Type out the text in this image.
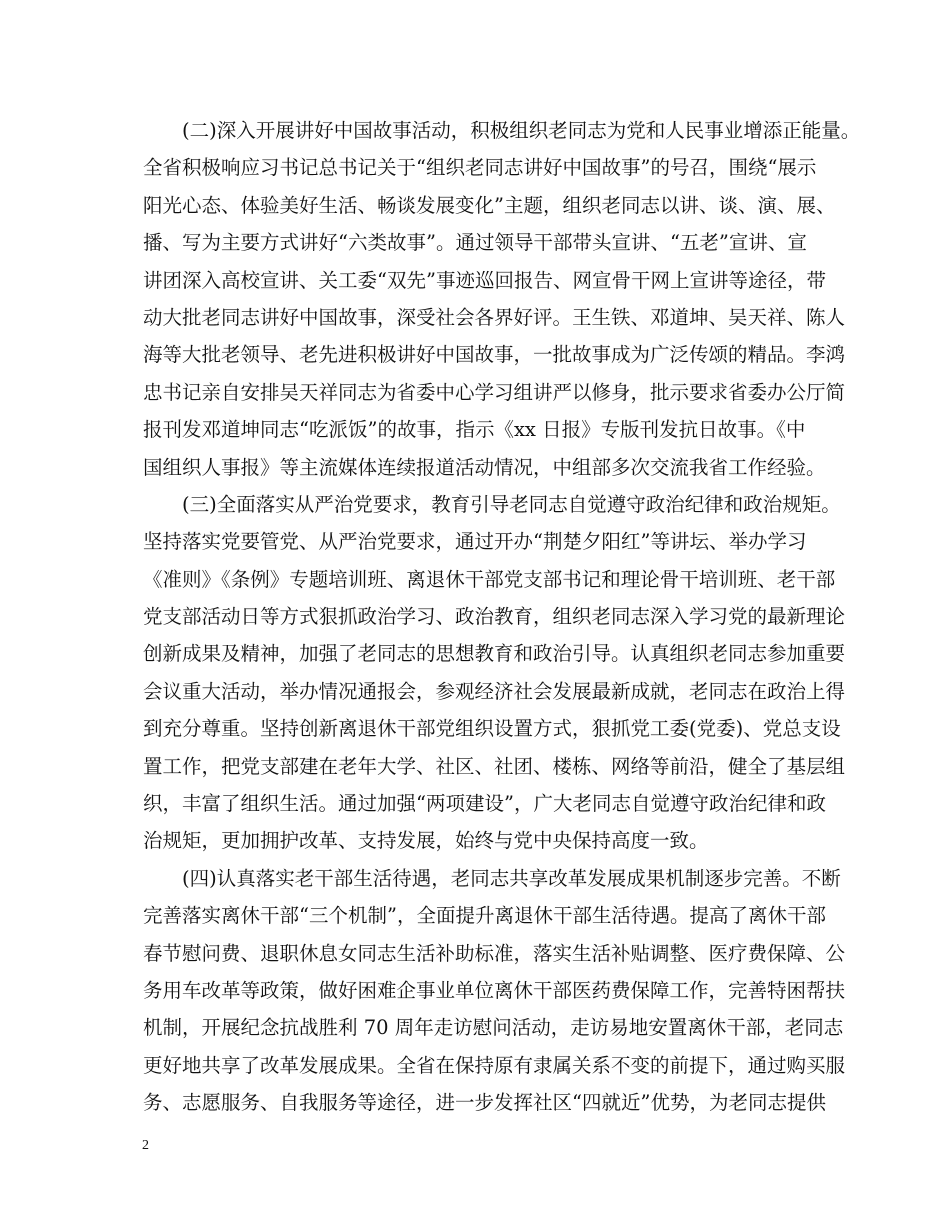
(二)深入开展讲好中国故事活动，积极组织老同志为党和人民事业增添正能量。
全省积极响应习书记总书记关于“组织老同志讲好中国故事”的号召，围绕“展示
阳光心态、体验美好生活、畅谈发展变化”主题，组织老同志以讲、谈、演、展、
播、写为主要方式讲好“六类故事”。通过领导干部带头宣讲、“五老”宣讲、宣
讲团深入高校宣讲、关工委“双先”事迹巡回报告、网宣骨干网上宣讲等途径，带
动大批老同志讲好中国故事，深受社会各界好评。王生铁、邓道坤、吴天祥、陈人
海等大批老领导、老先进积极讲好中国故事，一批故事成为广泛传颂的精品。李鸿
忠书记亲自安排吴天祥同志为省委中心学习组讲严以修身，批示要求省委办公厅简
报刊发邓道坤同志“吃派饭”的故事，指示《xx 日报》专版刊发抗日故事。《中
国组织人事报》等主流媒体连续报道活动情况，中组部多次交流我省工作经验。
(三)全面落实从严治党要求，教育引导老同志自觉遵守政治纪律和政治规矩。
坚持落实党要管党、从严治党要求，通过开办“荆楚夕阳红”等讲坛、举办学习
《准则》《条例》专题培训班、离退休干部党支部书记和理论骨干培训班、老干部
党支部活动日等方式狠抓政治学习、政治教育，组织老同志深入学习党的最新理论
创新成果及精神，加强了老同志的思想教育和政治引导。认真组织老同志参加重要
会议重大活动，举办情况通报会，参观经济社会发展最新成就，老同志在政治上得
到充分尊重。坚持创新离退休干部党组织设置方式，狠抓党工委(党委)、党总支设
置工作，把党支部建在老年大学、社区、社团、楼栋、网络等前沿，健全了基层组
织，丰富了组织生活。通过加强“两项建设”，广大老同志自觉遵守政治纪律和政
治规矩，更加拥护改革、支持发展，始终与党中央保持高度一致。
(四)认真落实老干部生活待遇，老同志共享改革发展成果机制逐步完善。不断
完善落实离休干部“三个机制”，全面提升离退休干部生活待遇。提高了离休干部
春节慰问费、退职休息女同志生活补助标准，落实生活补贴调整、医疗费保障、公
务用车改革等政策，做好困难企事业单位离休干部医药费保障工作，完善特困帮扶
机制，开展纪念抗战胜利 70 周年走访慰问活动，走访易地安置离休干部，老同志
更好地共享了改革发展成果。全省在保持原有隶属关系不变的前提下，通过购买服
务、志愿服务、自我服务等途径，进一步发挥社区“四就近”优势，为老同志提供
2
